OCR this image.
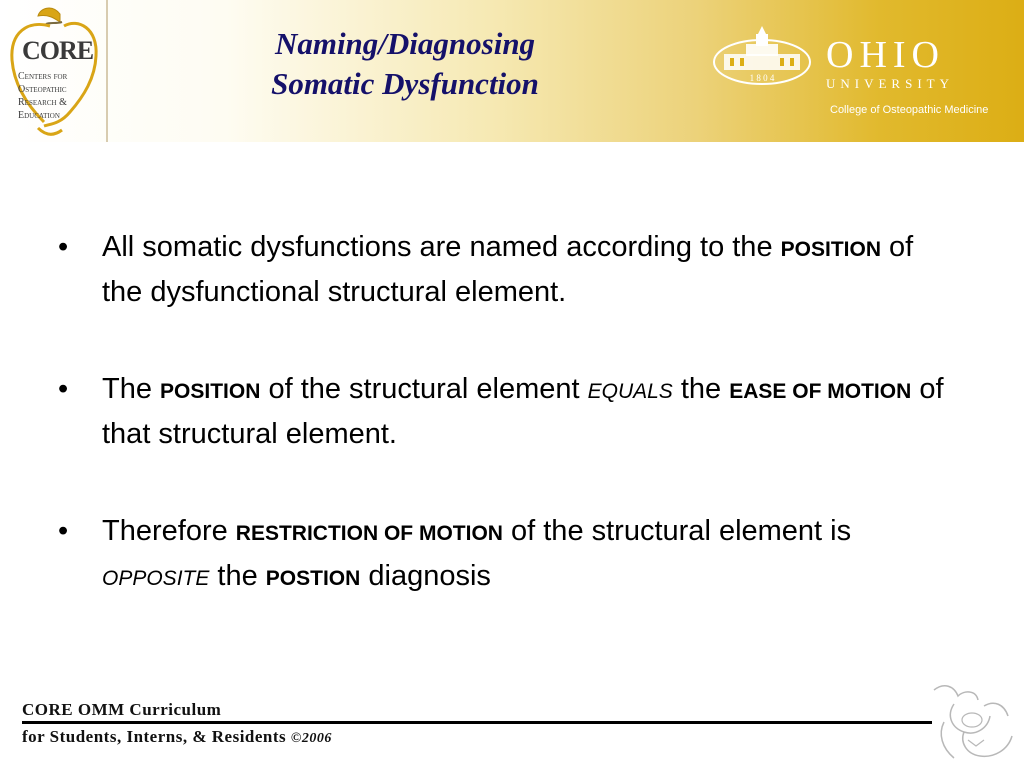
CORE
Centers for
Osteopathic
Research &
Education
Naming/Diagnosing
Somatic Dysfunction	1 8 0 4
OHIO
UNIVERSITY
College of Osteopathic Medicine
•	All somatic dysfunctions are named according to the POSITION of the dysfunctional structural element.
•	The POSITION of the structural element EQUALS the EASE OF MOTION of that structural element.
•	Therefore RESTRICTION OF MOTION of the structural element is OPPOSITE the POSTION diagnosis
CORE OMM Curriculum
for Students, Interns, & Residents ©2006
